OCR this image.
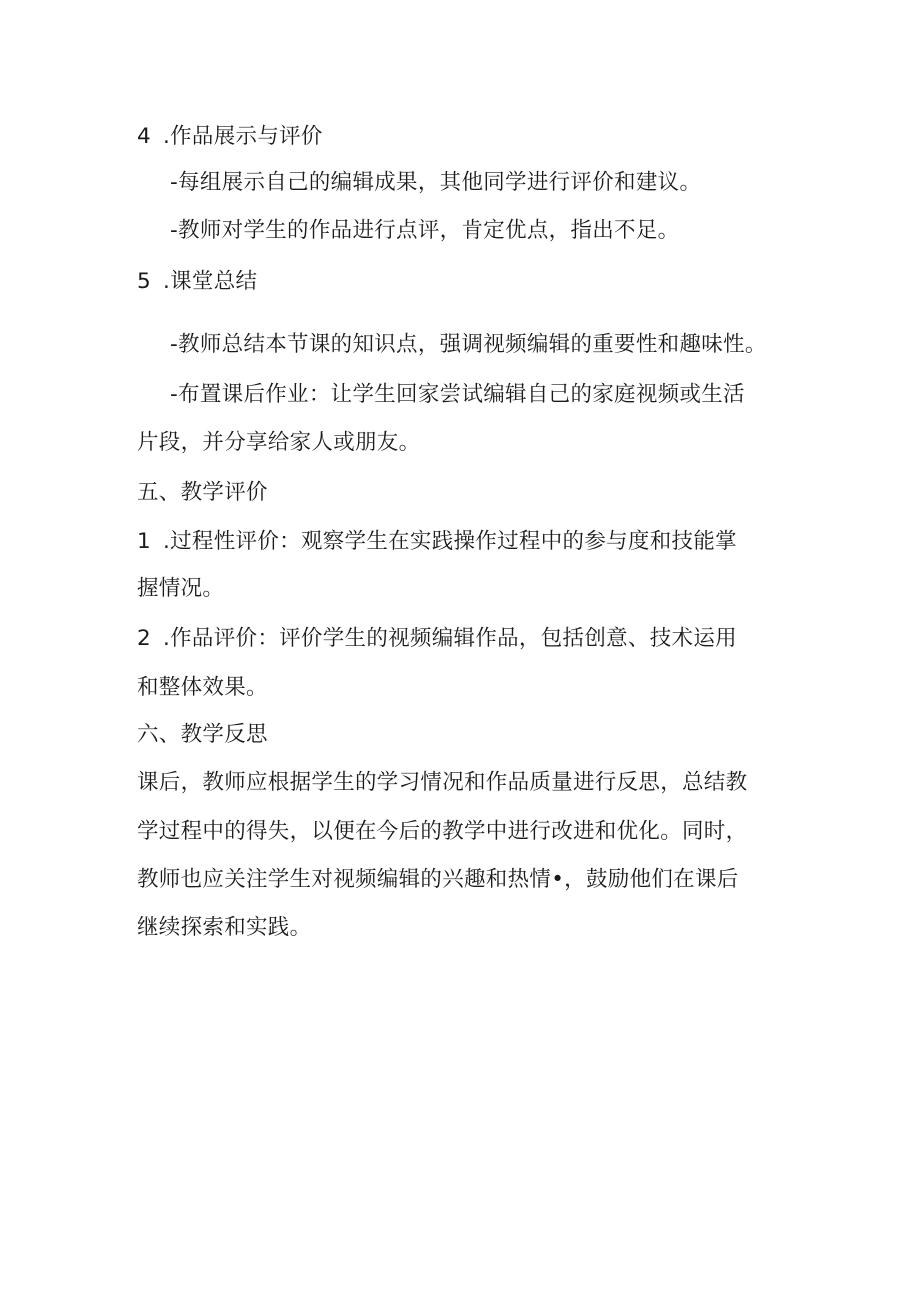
4 .作品展示与评价
-每组展示自己的编辑成果，其他同学进行评价和建议。
-教师对学生的作品进行点评，肯定优点，指出不足。
5 .课堂总结
-教师总结本节课的知识点，强调视频编辑的重要性和趣味性。
-布置课后作业：让学生回家尝试编辑自己的家庭视频或生活
片段，并分享给家人或朋友。
五、教学评价
1 .过程性评价：观察学生在实践操作过程中的参与度和技能掌
握情况。
2 .作品评价：评价学生的视频编辑作品，包括创意、技术运用
和整体效果。
六、教学反思
课后，教师应根据学生的学习情况和作品质量进行反思，总结教
学过程中的得失，以便在今后的教学中进行改进和优化。同时，
教师也应关注学生对视频编辑的兴趣和热情•，鼓励他们在课后
继续探索和实践。
